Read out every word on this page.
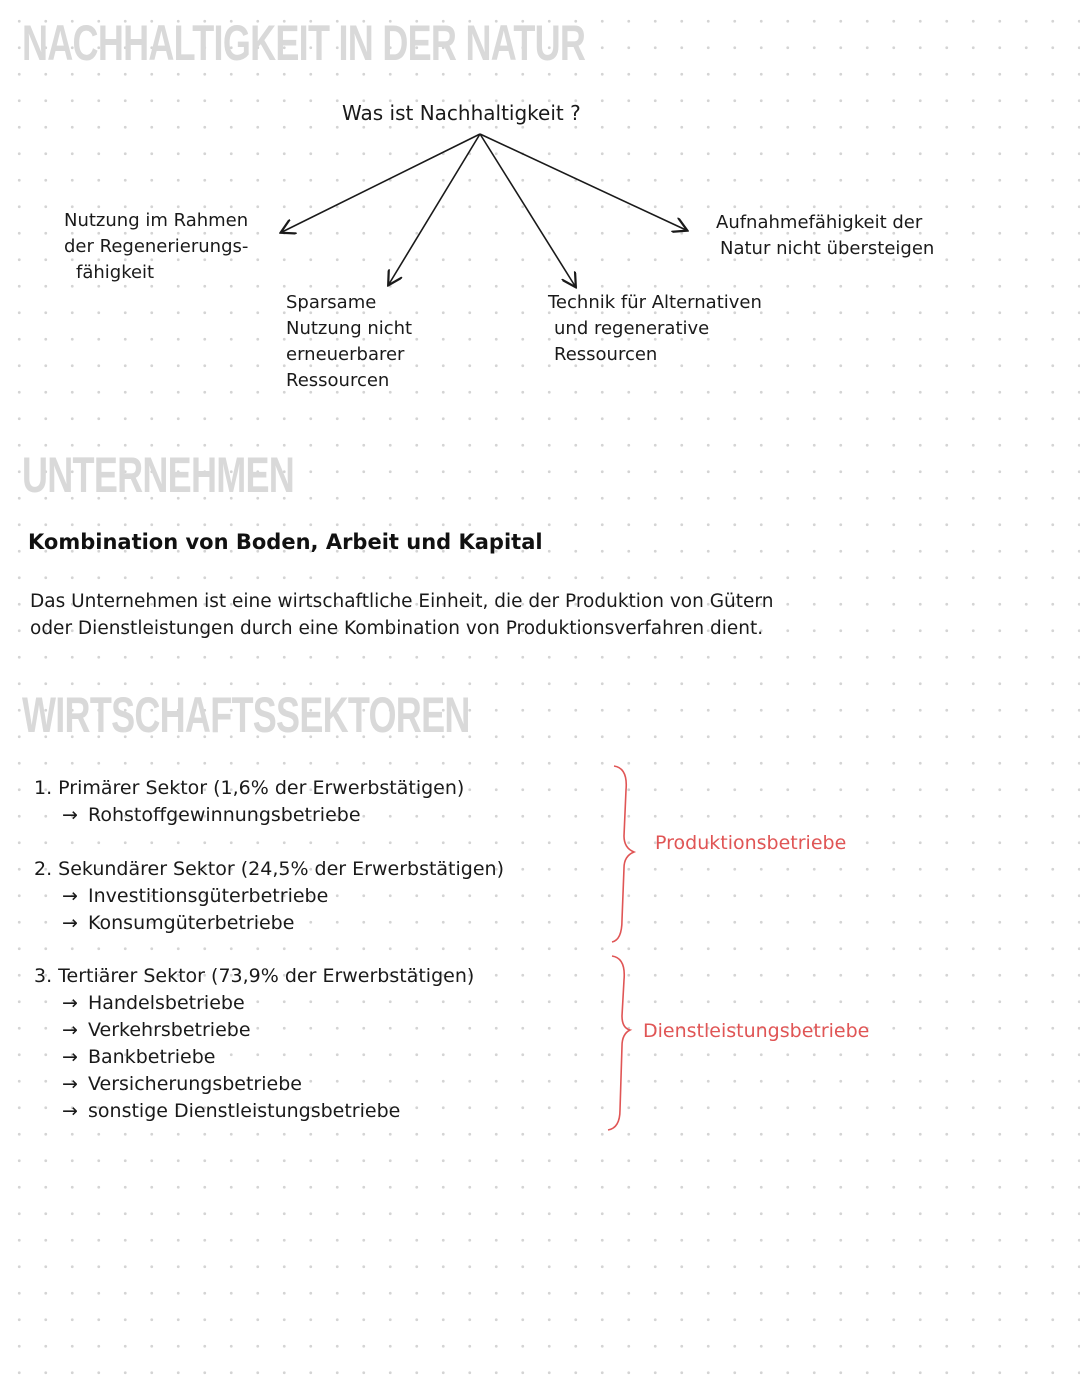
NACHHALTIGKEIT IN DER NATUR
Was ist Nachhaltigkeit ?
Nutzung im Rahmen
der Regenerierungs-
fähigkeit
Sparsame
Nutzung nicht
erneuerbarer
Ressourcen
Technik für Alternativen
und regenerative
Ressourcen
Aufnahmefähigkeit der
Natur nicht übersteigen
UNTERNEHMEN
Kombination von Boden, Arbeit und Kapital
Das Unternehmen ist eine wirtschaftliche Einheit, die der Produktion von Gütern
oder Dienstleistungen durch eine Kombination von Produktionsverfahren dient.
WIRTSCHAFTSSEKTOREN
1. Primärer Sektor (1,6% der Erwerbstätigen)
→ Rohstoffgewinnungsbetriebe
2. Sekundärer Sektor (24,5% der Erwerbstätigen)
→ Investitionsgüterbetriebe
→ Konsumgüterbetriebe
3. Tertiärer Sektor (73,9% der Erwerbstätigen)
→ Handelsbetriebe
→ Verkehrsbetriebe
→ Bankbetriebe
→ Versicherungsbetriebe
→ sonstige Dienstleistungsbetriebe
Produktionsbetriebe
Dienstleistungsbetriebe
